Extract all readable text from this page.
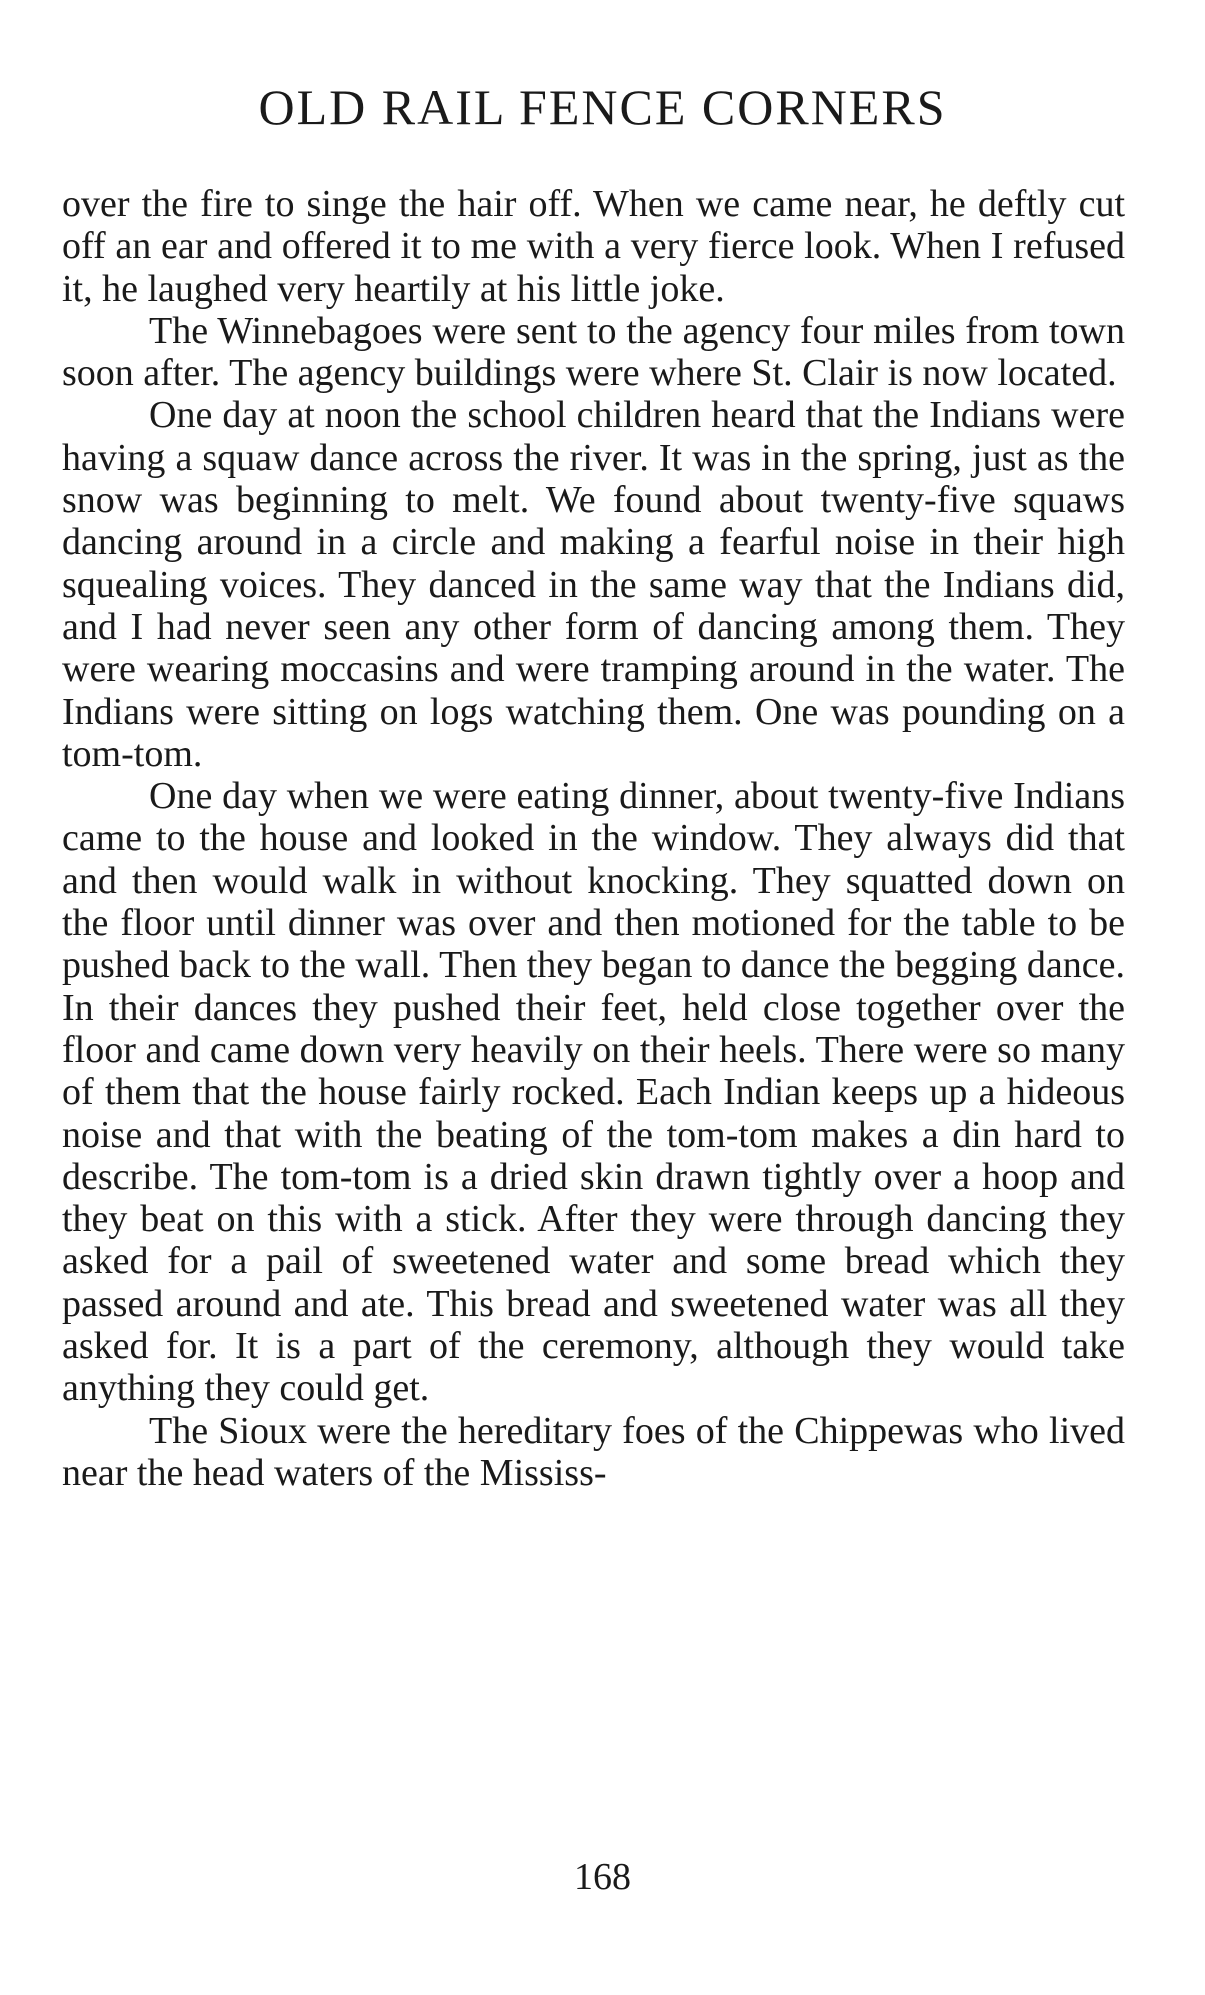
OLD RAIL FENCE CORNERS

over the fire to singe the hair off. When we came near, he deftly cut off an ear and offered it to me with a very fierce look. When I refused it, he laughed very heartily at his little joke.

The Winnebagoes were sent to the agency four miles from town soon after. The agency buildings were where St. Clair is now located.

One day at noon the school children heard that the Indians were having a squaw dance across the river. It was in the spring, just as the snow was beginning to melt. We found about twenty-five squaws dancing around in a circle and making a fearful noise in their high squealing voices. They danced in the same way that the Indians did, and I had never seen any other form of dancing among them. They were wearing moccasins and were tramping around in the water. The Indians were sitting on logs watching them. One was pounding on a tom-tom.

One day when we were eating dinner, about twenty-five Indians came to the house and looked in the window. They always did that and then would walk in without knocking. They squatted down on the floor until dinner was over and then motioned for the table to be pushed back to the wall. Then they began to dance the begging dance. In their dances they pushed their feet, held close together over the floor and came down very heavily on their heels. There were so many of them that the house fairly rocked. Each Indian keeps up a hideous noise and that with the beating of the tom-tom makes a din hard to describe. The tom-tom is a dried skin drawn tightly over a hoop and they beat on this with a stick. After they were through dancing they asked for a pail of sweetened water and some bread which they passed around and ate. This bread and sweetened water was all they asked for. It is a part of the ceremony, although they would take anything they could get.

The Sioux were the hereditary foes of the Chippewas who lived near the head waters of the Mississ-

168
